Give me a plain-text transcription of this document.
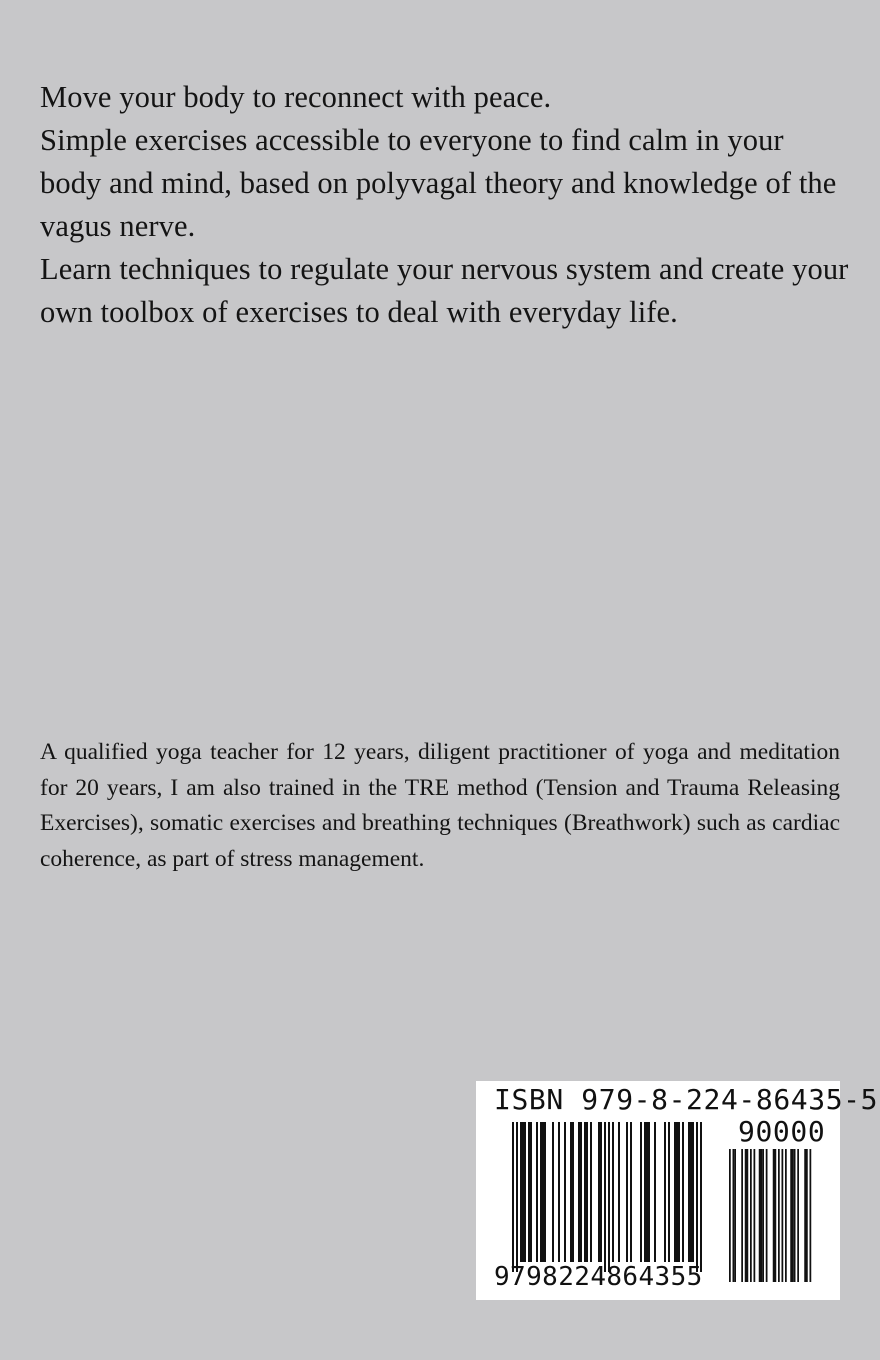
Move your body to reconnect with peace.

Simple exercises accessible to everyone to find calm in your body and mind, based on polyvagal theory and knowledge of the vagus nerve.

Learn techniques to regulate your nervous system and create your own toolbox of exercises to deal with everyday life.

A qualified yoga teacher for 12 years, diligent practitioner of yoga and meditation for 20 years, I am also trained in the TRE method (Tension and Trauma Releasing Exercises), somatic exercises and breathing techniques (Breathwork) such as cardiac coherence, as part of stress management.

ISBN 979-8-224-86435-5
90000
9798224864355
